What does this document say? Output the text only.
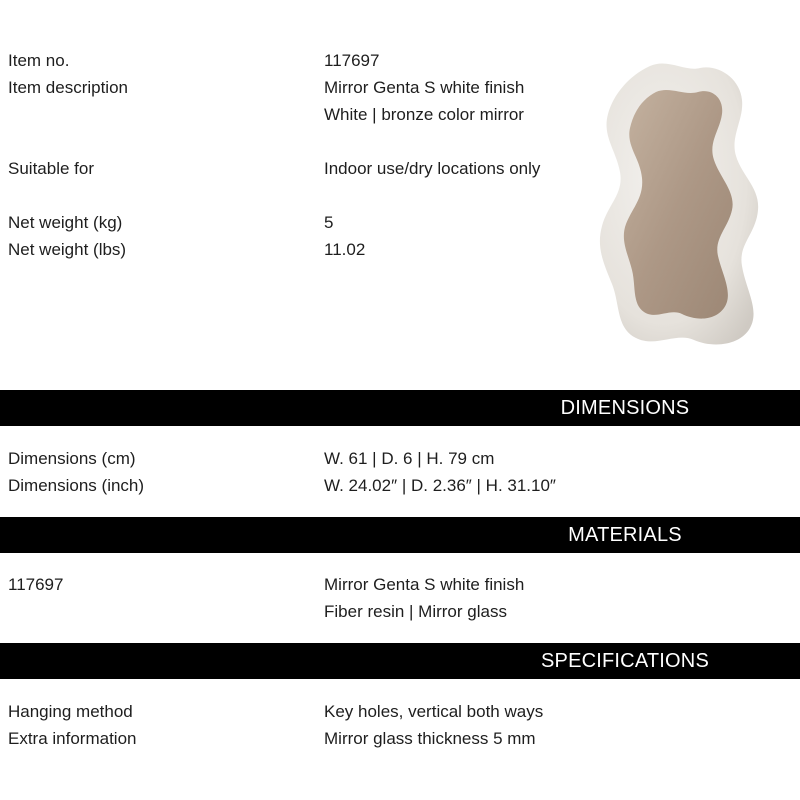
Item no.	117697
Item description	Mirror Genta S white finish
White | bronze color mirror
Suitable for	Indoor use/dry locations only
Net weight (kg)	5
Net weight (lbs)	11.02
DIMENSIONS
Dimensions (cm)	W. 61 | D. 6 | H. 79 cm
Dimensions (inch)	W. 24.02″ | D. 2.36″ | H. 31.10″
MATERIALS
117697	Mirror Genta S white finish
Fiber resin | Mirror glass
SPECIFICATIONS
Hanging method	Key holes, vertical both ways
Extra information	Mirror glass thickness 5 mm
